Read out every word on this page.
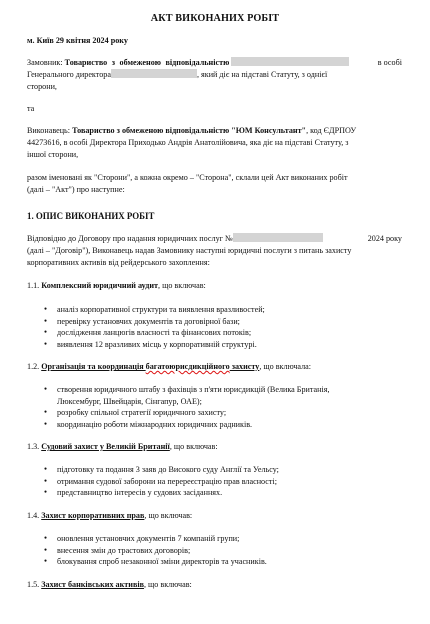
АКТ ВИКОНАНИХ РОБІТ
м. Київ 29 квітня 2024 року
Замовник: Товариство з обмеженою відповідальністю	в особі
Генерального директора	, який діє на підставі Статуту, з однієї
сторони,
та
Виконавець: Товариство з обмеженою відповідальністю "ЮМ Консультант", код ЄДРПОУ
44273616, в особі Директора Приходько Андрія Анатолійовича, яка діє на підставі Статуту, з
іншої сторони,
разом іменовані як "Сторони", а кожна окремо – "Сторона", склали цей Акт виконаних робіт
(далі – "Акт") про наступне:
1. ОПИС ВИКОНАНИХ РОБІТ
Відповідно до Договору про надання юридичних послуг №	2024 року
(далі – "Договір"), Виконавець надав Замовнику наступні юридичні послуги з питань захисту
корпоративних активів від рейдерського захоплення:
1.1. Комплексний юридичний аудит, що включав:
● аналіз корпоративної структури та виявлення вразливостей;
● перевірку установчих документів та договірної бази;
● дослідження ланцюгів власності та фінансових потоків;
● виявлення 12 вразливих місць у корпоративній структурі.
1.2. Організація та координація багатоюрисдикційного захисту, що включала:
● створення юридичного штабу з фахівців з п'яти юрисдикцій (Велика Британія,
Люксембург, Швейцарія, Сінгапур, ОАЕ);
● розробку спільної стратегії юридичного захисту;
● координацію роботи міжнародних юридичних радників.
1.3. Судовий захист у Великій Британії, що включав:
● підготовку та подання 3 заяв до Високого суду Англії та Уельсу;
● отримання судової заборони на перереєстрацію прав власності;
● представництво інтересів у судових засіданнях.
1.4. Захист корпоративних прав, що включав:
● оновлення установчих документів 7 компаній групи;
● внесення змін до трастових договорів;
● блокування спроб незаконної зміни директорів та учасників.
1.5. Захист банківських активів, що включав:
